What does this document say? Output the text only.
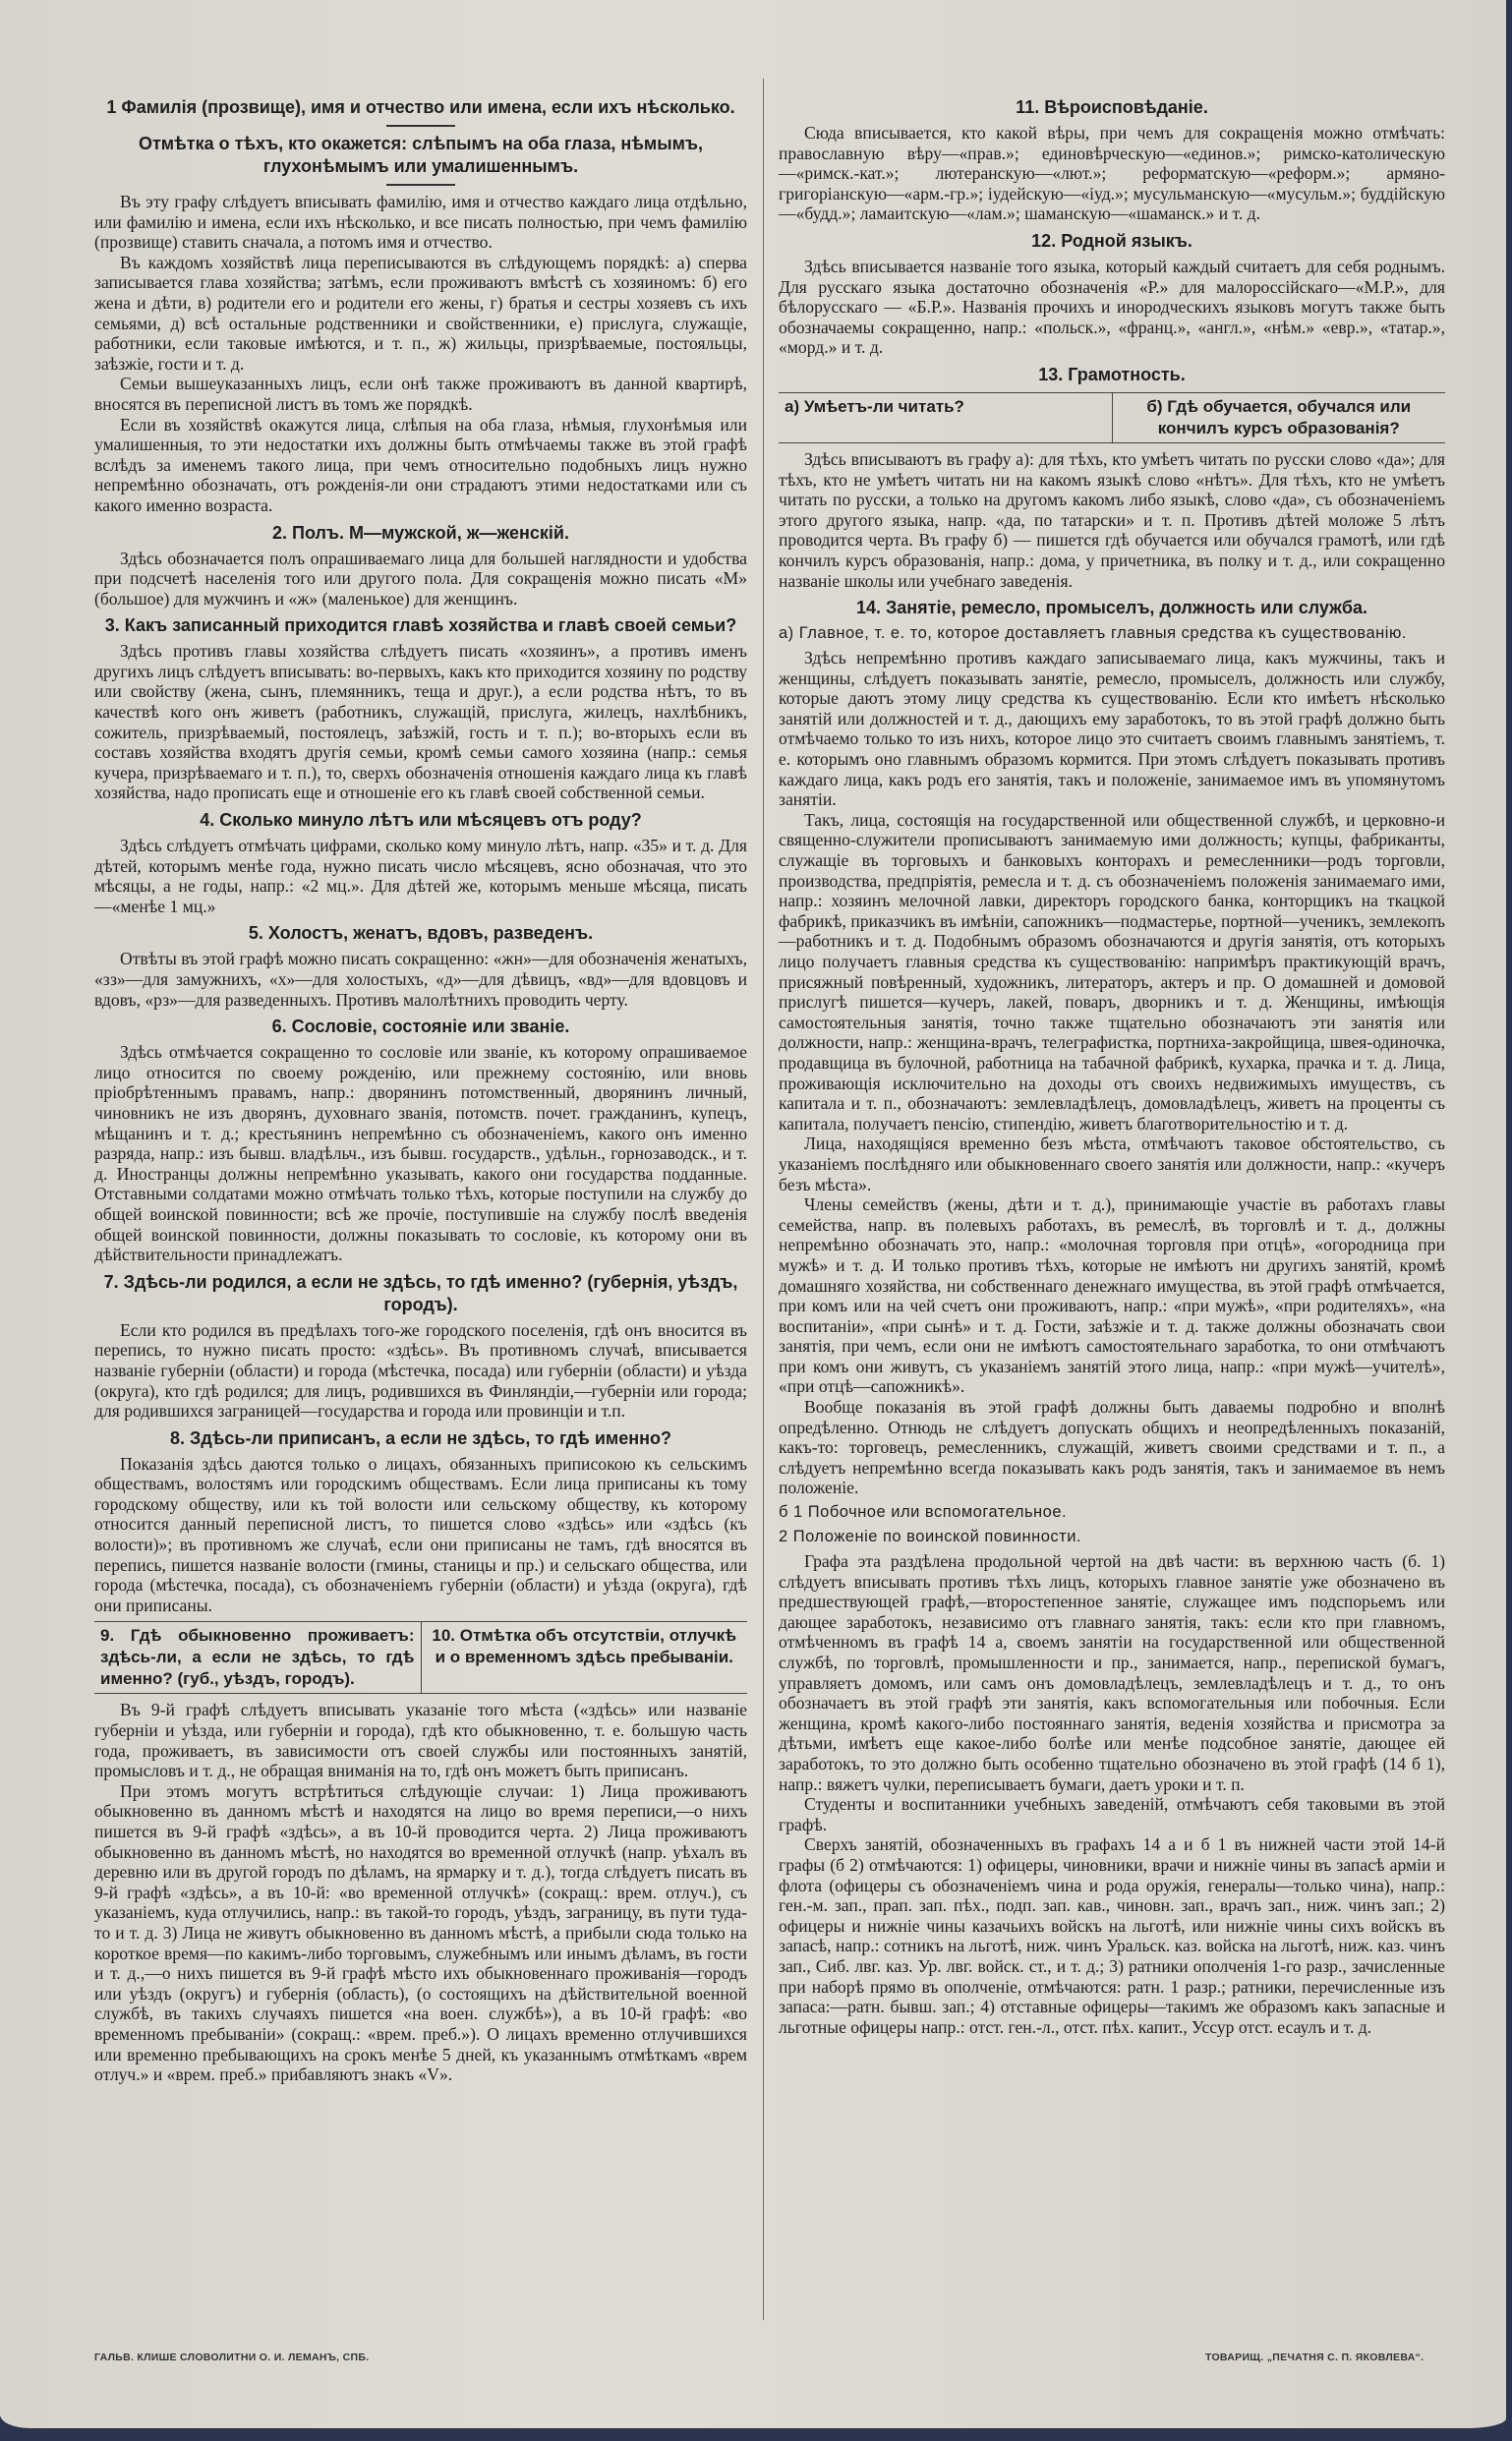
1 Фамилія (прозвище), имя и отчество или имена, если ихъ нѣсколько.
Отмѣтка о тѣхъ, кто окажется: слѣпымъ на оба глаза, нѣмымъ, глухонѣмымъ или умалишеннымъ.

Въ эту графу слѣдуетъ вписывать фамилію, имя и отчество каждаго лица отдѣльно, или фамилію и имена, если ихъ нѣсколько, и все писать полностью, при чемъ фамилію (прозвище) ставить сначала, а потомъ имя и отчество.

Въ каждомъ хозяйствѣ лица переписываются въ слѣдующемъ порядкѣ: а) сперва записывается глава хозяйства; затѣмъ, если проживаютъ вмѣстѣ съ хозяиномъ: б) его жена и дѣти, в) родители его и родители его жены, г) братья и сестры хозяевъ съ ихъ семьями, д) всѣ остальные родственники и свойственники, е) прислуга, служащіе, работники, если таковые имѣются, и т. п., ж) жильцы, призрѣваемые, постояльцы, заѣзжіе, гости и т. д.

Семьи вышеуказанныхъ лицъ, если онѣ также проживаютъ въ данной квартирѣ, вносятся въ переписной листъ въ томъ же порядкѣ.

Если въ хозяйствѣ окажутся лица, слѣпыя на оба глаза, нѣмыя, глухонѣмыя или умалишенныя, то эти недостатки ихъ должны быть отмѣчаемы также въ этой графѣ вслѣдъ за именемъ такого лица, при чемъ относительно подобныхъ лицъ нужно непремѣнно обозначать, отъ рожденія-ли они страдаютъ этими недостатками или съ какого именно возраста.

2. Полъ. М—мужской, ж—женскій.

Здѣсь обозначается полъ опрашиваемаго лица для большей наглядности и удобства при подсчетѣ населенія того или другого пола. Для сокращенія можно писать «М» (большое) для мужчинъ и «ж» (маленькое) для женщинъ.

3. Какъ записанный приходится главѣ хозяйства и главѣ своей семьи?

Здѣсь противъ главы хозяйства слѣдуетъ писать «хозяинъ», а противъ именъ другихъ лицъ слѣдуетъ вписывать: во-первыхъ, какъ кто приходится хозяину по родству или свойству (жена, сынъ, племянникъ, теща и друг.), а если родства нѣтъ, то въ качествѣ кого онъ живетъ (работникъ, служащій, прислуга, жилецъ, нахлѣбникъ, сожитель, призрѣваемый, постоялецъ, заѣзжій, гость и т. п.); во-вторыхъ если въ составъ хозяйства входятъ другія семьи, кромѣ семьи самого хозяина (напр.: семья кучера, призрѣваемаго и т. п.), то, сверхъ обозначенія отношенія каждаго лица къ главѣ хозяйства, надо прописать еще и отношеніе его къ главѣ своей собственной семьи.

4. Сколько минуло лѣтъ или мѣсяцевъ отъ роду?

Здѣсь слѣдуетъ отмѣчать цифрами, сколько кому минуло лѣтъ, напр. «35» и т. д. Для дѣтей, которымъ менѣе года, нужно писать число мѣсяцевъ, ясно обозначая, что это мѣсяцы, а не годы, напр.: «2 мц.». Для дѣтей же, которымъ меньше мѣсяца, писать—«менѣе 1 мц.»

5. Холостъ, женатъ, вдовъ, разведенъ.

Отвѣты въ этой графѣ можно писать сокращенно: «жн»—для обозначенія женатыхъ, «зз»—для замужнихъ, «х»—для холостыхъ, «д»—для дѣвицъ, «вд»—для вдовцовъ и вдовъ, «рз»—для разведенныхъ. Противъ малолѣтнихъ проводить черту.

6. Сословіе, состояніе или званіе.

Здѣсь отмѣчается сокращенно то сословіе или званіе, къ которому опрашиваемое лицо относится по своему рожденію, или прежнему состоянію, или вновь пріобрѣтеннымъ правамъ, напр.: дворянинъ потомственный, дворянинъ личный, чиновникъ не изъ дворянъ, духовнаго званія, потомств. почет. гражданинъ, купецъ, мѣщанинъ и т. д.; крестьянинъ непремѣнно съ обозначеніемъ, какого онъ именно разряда, напр.: изъ бывш. владѣльч., изъ бывш. государств., удѣльн., горнозаводск., и т. д. Иностранцы должны непремѣнно указывать, какого они государства подданные. Отставными солдатами можно отмѣчать только тѣхъ, которые поступили на службу до общей воинской повинности; всѣ же прочіе, поступившіе на службу послѣ введенія общей воинской повинности, должны показывать то сословіе, къ которому они въ дѣйствительности принадлежатъ.

7. Здѣсь-ли родился, а если не здѣсь, то гдѣ именно? (губернія, уѣздъ, городъ).

Если кто родился въ предѣлахъ того-же городского поселенія, гдѣ онъ вносится въ перепись, то нужно писать просто: «здѣсь». Въ противномъ случаѣ, вписывается названіе губерніи (области) и города (мѣстечка, посада) или губерніи (области) и уѣзда (округа), кто гдѣ родился; для лицъ, родившихся въ Финляндіи,—губерніи или города; для родившихся заграницей—государства и города или провинціи и т.п.

8. Здѣсь-ли приписанъ, а если не здѣсь, то гдѣ именно?

Показанія здѣсь даются только о лицахъ, обязанныхъ приписокою къ сельскимъ обществамъ, волостямъ или городскимъ обществамъ. Если лица приписаны къ тому городскому обществу, или къ той волости или сельскому обществу, къ которому относится данный переписной листъ, то пишется слово «здѣсь» или «здѣсь (къ волости)»; въ противномъ же случаѣ, если они приписаны не тамъ, гдѣ вносятся въ перепись, пишется названіе волости (гмины, станицы и пр.) и сельскаго общества, или города (мѣстечка, посада), съ обозначеніемъ губерніи (области) и уѣзда (округа), гдѣ они приписаны.

9. Гдѣ обыкновенно проживаетъ: здѣсь-ли, а если не здѣсь, то гдѣ именно? (губ., уѣздъ, городъ).
10. Отмѣтка объ отсутствіи, отлучкѣ и о временномъ здѣсь пребываніи.

Въ 9-й графѣ слѣдуетъ вписывать указаніе того мѣста («здѣсь» или названіе губерніи и уѣзда, или губерніи и города), гдѣ кто обыкновенно, т. е. большую часть года, проживаетъ, въ зависимости отъ своей службы или постоянныхъ занятій, промысловъ и т. д., не обращая вниманія на то, гдѣ онъ можетъ быть приписанъ.

При этомъ могутъ встрѣтиться слѣдующіе случаи: 1) Лица проживаютъ обыкновенно въ данномъ мѣстѣ и находятся на лицо во время переписи,—о нихъ пишется въ 9-й графѣ «здѣсь», а въ 10-й проводится черта. 2) Лица проживаютъ обыкновенно въ данномъ мѣстѣ, но находятся во временной отлучкѣ (напр. уѣхалъ въ деревню или въ другой городъ по дѣламъ, на ярмарку и т. д.), тогда слѣдуетъ писать въ 9-й графѣ «здѣсь», а въ 10-й: «во временной отлучкѣ» (сокращ.: врем. отлуч.), съ указаніемъ, куда отлучились, напр.: въ такой-то городъ, уѣздъ, заграницу, въ пути туда-то и т. д. 3) Лица не живутъ обыкновенно въ данномъ мѣстѣ, а прибыли сюда только на короткое время—по какимъ-либо торговымъ, служебнымъ или инымъ дѣламъ, въ гости и т. д.,—о нихъ пишется въ 9-й графѣ мѣсто ихъ обыкновеннаго проживанія—городъ или уѣздъ (округъ) и губернія (область), (о состоящихъ на дѣйствительной военной службѣ, въ такихъ случаяхъ пишется «на воен. службѣ»), а въ 10-й графѣ: «во временномъ пребываніи» (сокращ.: «врем. преб.»). О лицахъ временно отлучившихся или временно пребывающихъ на срокъ менѣе 5 дней, къ указаннымъ отмѣткамъ «врем отлуч.» и «врем. преб.» прибавляютъ знакъ «V».

11. Вѣроисповѣданіе.

Сюда вписывается, кто какой вѣры, при чемъ для сокращенія можно отмѣчать: православную вѣру—«прав.»; единовѣрческую—«единов.»; римско-католическую—«римск.-кат.»; лютеранскую—«лют.»; реформатскую—«реформ.»; армяно-григоріанскую—«арм.-гр.»; іудейскую—«іуд.»; мусульманскую—«мусульм.»; буддійскую—«будд.»; ламаитскую—«лам.»; шаманскую—«шаманск.» и т. д.

12. Родной языкъ.

Здѣсь вписывается названіе того языка, который каждый считаетъ для себя роднымъ. Для русскаго языка достаточно обозначенія «Р.» для малороссійскаго—«М.Р.», для бѣлорусскаго — «Б.Р.». Названія прочихъ и инородческихъ языковъ могутъ также быть обозначаемы сокращенно, напр.: «польск.», «франц.», «англ.», «нѣм.» «евр.», «татар.», «морд.» и т. д.

13. Грамотность.
а) Умѣетъ-ли читать?	б) Гдѣ обучается, обучался или кончилъ курсъ образованія?

Здѣсь вписываютъ въ графу а): для тѣхъ, кто умѣетъ читать по русски слово «да»; для тѣхъ, кто не умѣетъ читать ни на какомъ языкѣ слово «нѣтъ». Для тѣхъ, кто не умѣетъ читать по русски, а только на другомъ какомъ либо языкѣ, слово «да», съ обозначеніемъ этого другого языка, напр. «да, по татарски» и т. п. Противъ дѣтей моложе 5 лѣтъ проводится черта. Въ графу б) — пишется гдѣ обучается или обучался грамотѣ, или гдѣ кончилъ курсъ образованія, напр.: дома, у причетника, въ полку и т. д., или сокращенно названіе школы или учебнаго заведенія.

14. Занятіе, ремесло, промыселъ, должность или служба.
а) Главное, т. е. то, которое доставляетъ главныя средства къ существованію.

Здѣсь непремѣнно противъ каждаго записываемаго лица, какъ мужчины, такъ и женщины, слѣдуетъ показывать занятіе, ремесло, промыселъ, должность или службу, которые даютъ этому лицу средства къ существованію. Если кто имѣетъ нѣсколько занятій или должностей и т. д., дающихъ ему заработокъ, то въ этой графѣ должно быть отмѣчаемо только то изъ нихъ, которое лицо это считаетъ своимъ главнымъ занятіемъ, т. е. которымъ оно главнымъ образомъ кормится. При этомъ слѣдуетъ показывать противъ каждаго лица, какъ родъ его занятія, такъ и положеніе, занимаемое имъ въ упомянутомъ занятіи.

Такъ, лица, состоящія на государственной или общественной службѣ, и церковно-и священно-служители прописываютъ занимаемую ими должность; купцы, фабриканты, служащіе въ торговыхъ и банковыхъ конторахъ и ремесленники—родъ торговли, производства, предпріятія, ремесла и т. д. съ обозначеніемъ положенія занимаемаго ими, напр.: хозяинъ мелочной лавки, директоръ городского банка, конторщикъ на ткацкой фабрикѣ, приказчикъ въ имѣніи, сапожникъ—подмастерье, портной—ученикъ, землекопъ—работникъ и т. д. Подобнымъ образомъ обозначаются и другія занятія, отъ которыхъ лицо получаетъ главныя средства къ существованію: напримѣръ практикующій врачъ, присяжный повѣренный, художникъ, литераторъ, актеръ и пр. О домашней и домовой прислугѣ пишется—кучеръ, лакей, поваръ, дворникъ и т. д. Женщины, имѣющія самостоятельныя занятія, точно также тщательно обозначаютъ эти занятія или должности, напр.: женщина-врачъ, телеграфистка, портниха-закройщица, швея-одиночка, продавщица въ булочной, работница на табачной фабрикѣ, кухарка, прачка и т. д. Лица, проживающія исключительно на доходы отъ своихъ недвижимыхъ имуществъ, съ капитала и т. п., обозначаютъ: землевладѣлецъ, домовладѣлецъ, живетъ на проценты съ капитала, получаетъ пенсію, стипендію, живетъ благотворительностію и т. д.

Лица, находящіяся временно безъ мѣста, отмѣчаютъ таковое обстоятельство, съ указаніемъ послѣдняго или обыкновеннаго своего занятія или должности, напр.: «кучеръ безъ мѣста».

Члены семействъ (жены, дѣти и т. д.), принимающіе участіе въ работахъ главы семейства, напр. въ полевыхъ работахъ, въ ремеслѣ, въ торговлѣ и т. д., должны непремѣнно обозначать это, напр.: «молочная торговля при отцѣ», «огородница при мужѣ» и т. д. И только противъ тѣхъ, которые не имѣютъ ни другихъ занятій, кромѣ домашняго хозяйства, ни собственнаго денежнаго имущества, въ этой графѣ отмѣчается, при комъ или на чей счетъ они проживаютъ, напр.: «при мужѣ», «при родителяхъ», «на воспитаніи», «при сынѣ» и т. д. Гости, заѣзжіе и т. д. также должны обозначать свои занятія, при чемъ, если они не имѣютъ самостоятельнаго заработка, то они отмѣчаютъ при комъ они живутъ, съ указаніемъ занятій этого лица, напр.: «при мужѣ—учителѣ», «при отцѣ—сапожникѣ».

Вообще показанія въ этой графѣ должны быть даваемы подробно и вполнѣ опредѣленно. Отнюдь не слѣдуетъ допускать общихъ и неопредѣленныхъ показаній, какъ-то: торговецъ, ремесленникъ, служащій, живетъ своими средствами и т. п., а слѣдуетъ непремѣнно всегда показывать какъ родъ занятія, такъ и занимаемое въ немъ положеніе.

б 1 Побочное или вспомогательное.
2 Положеніе по воинской повинности.

Графа эта раздѣлена продольной чертой на двѣ части: въ верхнюю часть (б. 1) слѣдуетъ вписывать противъ тѣхъ лицъ, которыхъ главное занятіе уже обозначено въ предшествующей графѣ,—второстепенное занятіе, служащее имъ подспорьемъ или дающее заработокъ, независимо отъ главнаго занятія, такъ: если кто при главномъ, отмѣченномъ въ графѣ 14 а, своемъ занятіи на государственной или общественной службѣ, по торговлѣ, промышленности и пр., занимается, напр., перепиской бумагъ, управляетъ домомъ, или самъ онъ домовладѣлецъ, землевладѣлецъ и т. д., то онъ обозначаетъ въ этой графѣ эти занятія, какъ вспомогательныя или побочныя. Если женщина, кромѣ какого-либо постояннаго занятія, веденія хозяйства и присмотра за дѣтьми, имѣетъ еще какое-либо болѣе или менѣе подсобное занятіе, дающее ей заработокъ, то это должно быть особенно тщательно обозначено въ этой графѣ (14 б 1), напр.: вяжетъ чулки, переписываетъ бумаги, даетъ уроки и т. п.

Студенты и воспитанники учебныхъ заведеній, отмѣчаютъ себя таковыми въ этой графѣ.

Сверхъ занятій, обозначенныхъ въ графахъ 14 а и б 1 въ нижней части этой 14-й графы (б 2) отмѣчаются: 1) офицеры, чиновники, врачи и нижніе чины въ запасѣ арміи и флота (офицеры съ обозначеніемъ чина и рода оружія, генералы—только чина), напр.: ген.-м. зап., прап. зап. пѣх., подп. зап. кав., чиновн. зап., врачъ зап., ниж. чинъ зап.; 2) офицеры и нижніе чины казачьихъ войскъ на льготѣ, или нижніе чины сихъ войскъ въ запасѣ, напр.: сотникъ на льготѣ, ниж. чинъ Уральск. каз. войска на льготѣ, ниж. каз. чинъ зап., Сиб. лвг. каз. Ур. лвг. войск. ст., и т. д.; 3) ратники ополченія 1-го разр., зачисленные при наборѣ прямо въ ополченіе, отмѣчаются: ратн. 1 разр.; ратники, перечисленные изъ запаса:—ратн. бывш. зап.; 4) отставные офицеры—такимъ же образомъ какъ запасные и льготные офицеры напр.: отст. ген.-л., отст. пѣх. капит., Уссур отст. есаулъ и т. д.

ГАЛЬВ. КЛИШЕ СЛОВОЛИТНИ О. И. ЛЕМАНЪ, СПБ.	ТОВАРИЩ. „ПЕЧАТНЯ С. П. ЯКОВЛЕВА“.
